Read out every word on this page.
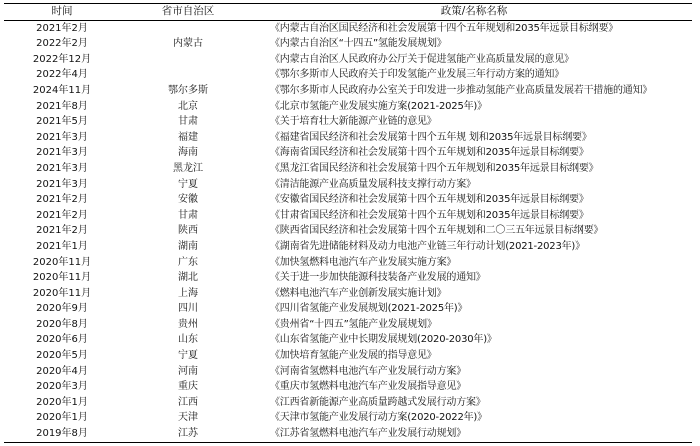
时间	省市自治区	政策/名称名称
2021年2月		《内蒙古自治区国民经济和社会发展第十四个五年规划和2035年远景目标纲要》
2022年2月	内蒙古	《内蒙古自治区“十四五”氢能发展规划》
2022年12月		《内蒙古自治区人民政府办公厅关于促进氢能产业高质量发展的意见》
2022年4月		《鄂尔多斯市人民政府关于印发氢能产业发展三年行动方案的通知》
2024年11月	鄂尔多斯	《鄂尔多斯市人民政府办公室关于印发进一步推动氢能产业高质量发展若干措施的通知》
2021年8月	北京	《北京市氢能产业发展实施方案(2021-2025年)》
2021年5月	甘肃	《关于培育壮大新能源产业链的意见》
2021年3月	福建	《福建省国民经济和社会发展第十四个五年规 划和2035年远景目标纲要》
2021年3月	海南	《海南省国民经济和社会发展第十四个五年规划和2035年远景目标纲要》
2021年3月	黑龙江	《黑龙江省国民经济和社会发展第十四个五年规划和2035年远景目标纲要》
2021年3月	宁夏	《清洁能源产业高质量发展科技支撑行动方案》
2021年2月	安徽	《安徽省国民经济和社会发展第十四个五年规划和2035年远景目标纲要》
2021年2月	甘肃	《甘肃省国民经济和社会发展第十四个五年规划和2035年远景目标纲要》
2021年2月	陕西	《陕西省国民经济和社会发展第十四个五年规划和二〇三五年远景目标纲要》
2021年1月	湖南	《湖南省先进储能材料及动力电池产业链三年行动计划(2021-2023年)》
2020年11月	广东	《加快氢燃料电池汽车产业发展实施方案》
2020年11月	湖北	《关于进一步加快能源科技装备产业发展的通知》
2020年11月	上海	《燃料电池汽车产业创新发展实施计划》
2020年9月	四川	《四川省氢能产业发展规划(2021-2025年)》
2020年8月	贵州	《贵州省“十四五”氢能产业发展规划》
2020年6月	山东	《山东省氢能产业中长期发展规划(2020-2030年)》
2020年5月	宁夏	《加快培育氢能产业发展的指导意见》
2020年4月	河南	《河南省氢燃料电池汽车产业发展行动方案》
2020年3月	重庆	《重庆市氢燃料电池汽车产业发展指导意见》
2020年1月	江西	《江西省新能源产业高质量跨越式发展行动方案》
2020年1月	天津	《天津市氢能产业发展行动方案(2020-2022年)》
2019年8月	江苏	《江苏省氢燃料电池汽车产业发展行动规划》
